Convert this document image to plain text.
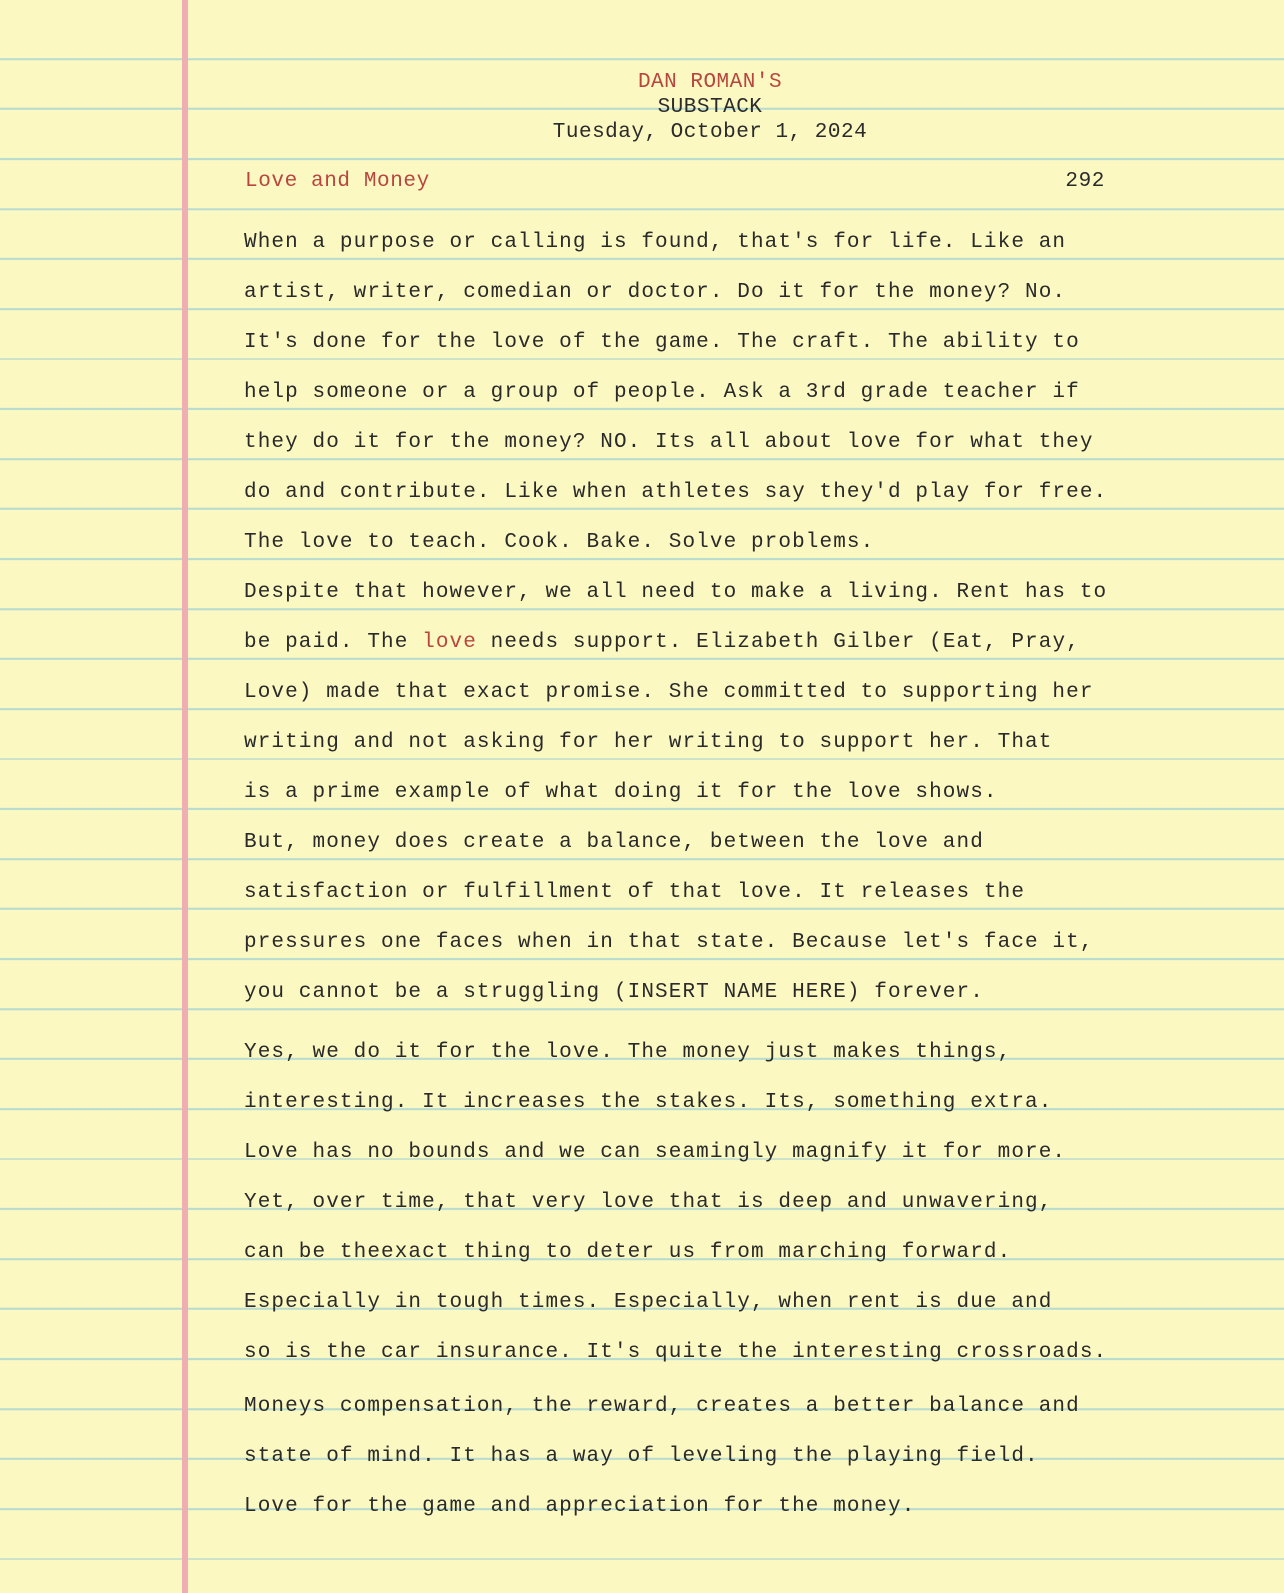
DAN ROMAN'S
SUBSTACK
Tuesday, October 1, 2024
Love and Money	292
When a purpose or calling is found, that's for life. Like an
artist, writer, comedian or doctor. Do it for the money? No.
It's done for the love of the game. The craft. The ability to
help someone or a group of people. Ask a 3rd grade teacher if
they do it for the money? NO. Its all about love for what they
do and contribute. Like when athletes say they'd play for free.
The love to teach. Cook. Bake. Solve problems.
Despite that however, we all need to make a living. Rent has to
be paid. The love needs support. Elizabeth Gilber (Eat, Pray,
Love) made that exact promise. She committed to supporting her
writing and not asking for her writing to support her. That
is a prime example of what doing it for the love shows.
But, money does create a balance, between the love and
satisfaction or fulfillment of that love. It releases the
pressures one faces when in that state. Because let's face it,
you cannot be a struggling (INSERT NAME HERE) forever.
Yes, we do it for the love. The money just makes things,
interesting. It increases the stakes. Its, something extra.
Love has no bounds and we can seamingly magnify it for more.
Yet, over time, that very love that is deep and unwavering,
can be theexact thing to deter us from marching forward.
Especially in tough times. Especially, when rent is due and
so is the car insurance. It's quite the interesting crossroads.
Moneys compensation, the reward, creates a better balance and
state of mind. It has a way of leveling the playing field.
Love for the game and appreciation for the money.
